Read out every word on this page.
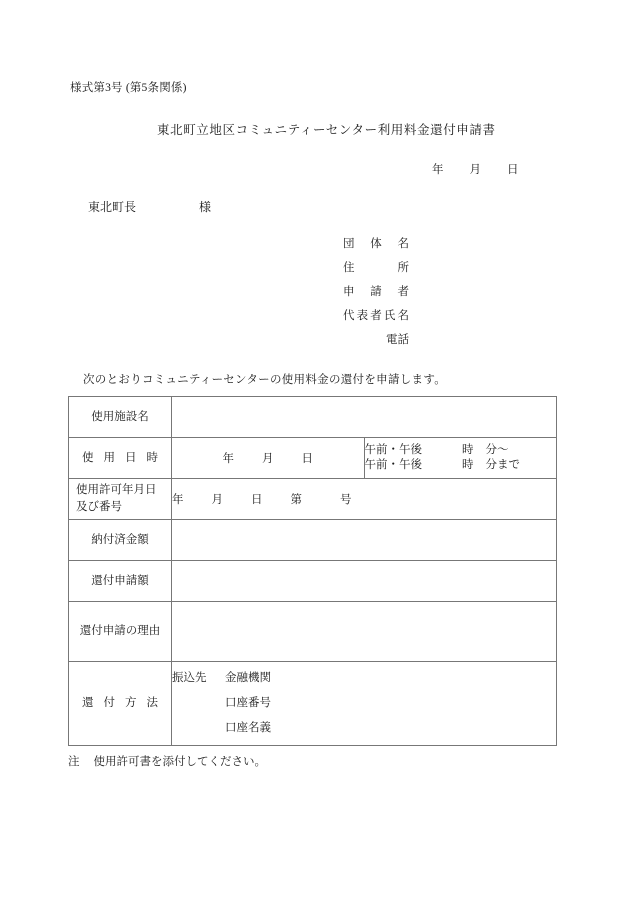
様式第3号 (第5条関係)
東北町立地区コミュニティーセンター利用料金還付申請書
年 月 日
東北町長	様
団体名
住所
申請者
代表者氏名
電話
次のとおりコミュニティーセンターの使用料金の還付を申請します。
使用施設名		
使用日時	年 月 日	午前・午後 時 分〜
午前・午後 時 分まで

使用許可年月日
及び番号	年 月 日 第 号	
納付済金額		
還付申請額		
還付申請の理由		
還付方法	振込先 金融機関
口座番号
口座名義	
注 使用許可書を添付してください。
